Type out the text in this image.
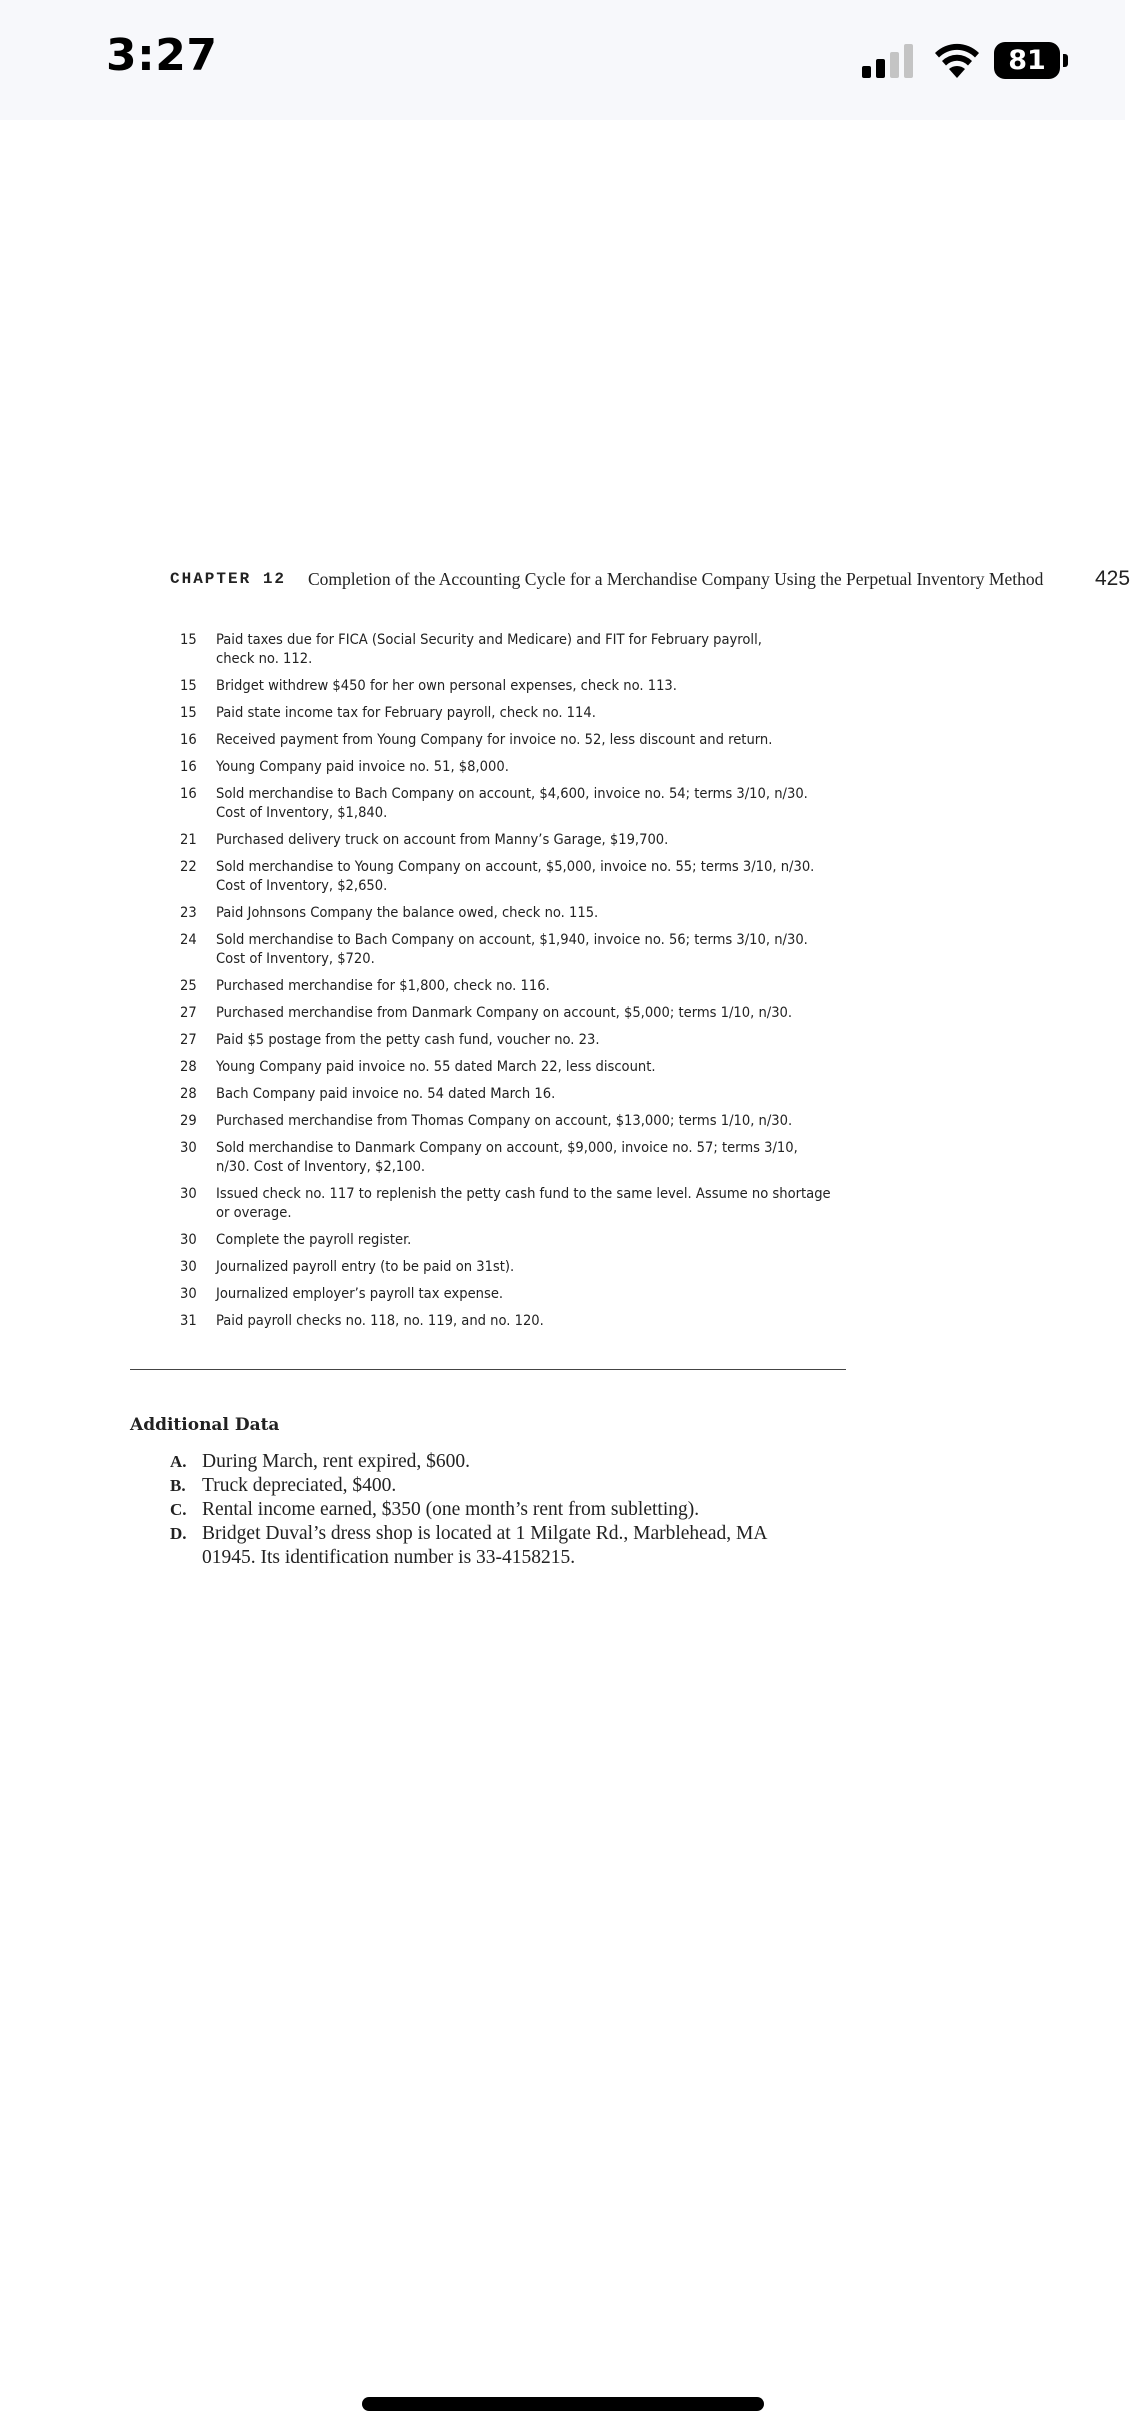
3:27	81
CHAPTER 12 Completion of the Accounting Cycle for a Merchandise Company Using the Perpetual Inventory Method 425
15	Paid taxes due for FICA (Social Security and Medicare) and FIT for February payroll,
check no. 112.
15	Bridget withdrew $450 for her own personal expenses, check no. 113.
15	Paid state income tax for February payroll, check no. 114.
16	Received payment from Young Company for invoice no. 52, less discount and return.
16	Young Company paid invoice no. 51, $8,000.
16	Sold merchandise to Bach Company on account, $4,600, invoice no. 54; terms 3/10, n/30.
Cost of Inventory, $1,840.
21	Purchased delivery truck on account from Manny’s Garage, $19,700.
22	Sold merchandise to Young Company on account, $5,000, invoice no. 55; terms 3/10, n/30.
Cost of Inventory, $2,650.
23	Paid Johnsons Company the balance owed, check no. 115.
24	Sold merchandise to Bach Company on account, $1,940, invoice no. 56; terms 3/10, n/30.
Cost of Inventory, $720.
25	Purchased merchandise for $1,800, check no. 116.
27	Purchased merchandise from Danmark Company on account, $5,000; terms 1/10, n/30.
27	Paid $5 postage from the petty cash fund, voucher no. 23.
28	Young Company paid invoice no. 55 dated March 22, less discount.
28	Bach Company paid invoice no. 54 dated March 16.
29	Purchased merchandise from Thomas Company on account, $13,000; terms 1/10, n/30.
30	Sold merchandise to Danmark Company on account, $9,000, invoice no. 57; terms 3/10,
n/30. Cost of Inventory, $2,100.
30	Issued check no. 117 to replenish the petty cash fund to the same level. Assume no shortage
or overage.
30	Complete the payroll register.
30	Journalized payroll entry (to be paid on 31st).
30	Journalized employer’s payroll tax expense.
31	Paid payroll checks no. 118, no. 119, and no. 120.
Additional Data
A. During March, rent expired, $600.
B. Truck depreciated, $400.
C. Rental income earned, $350 (one month’s rent from subletting).
D. Bridget Duval’s dress shop is located at 1 Milgate Rd., Marblehead, MA
01945. Its identification number is 33-4158215.
